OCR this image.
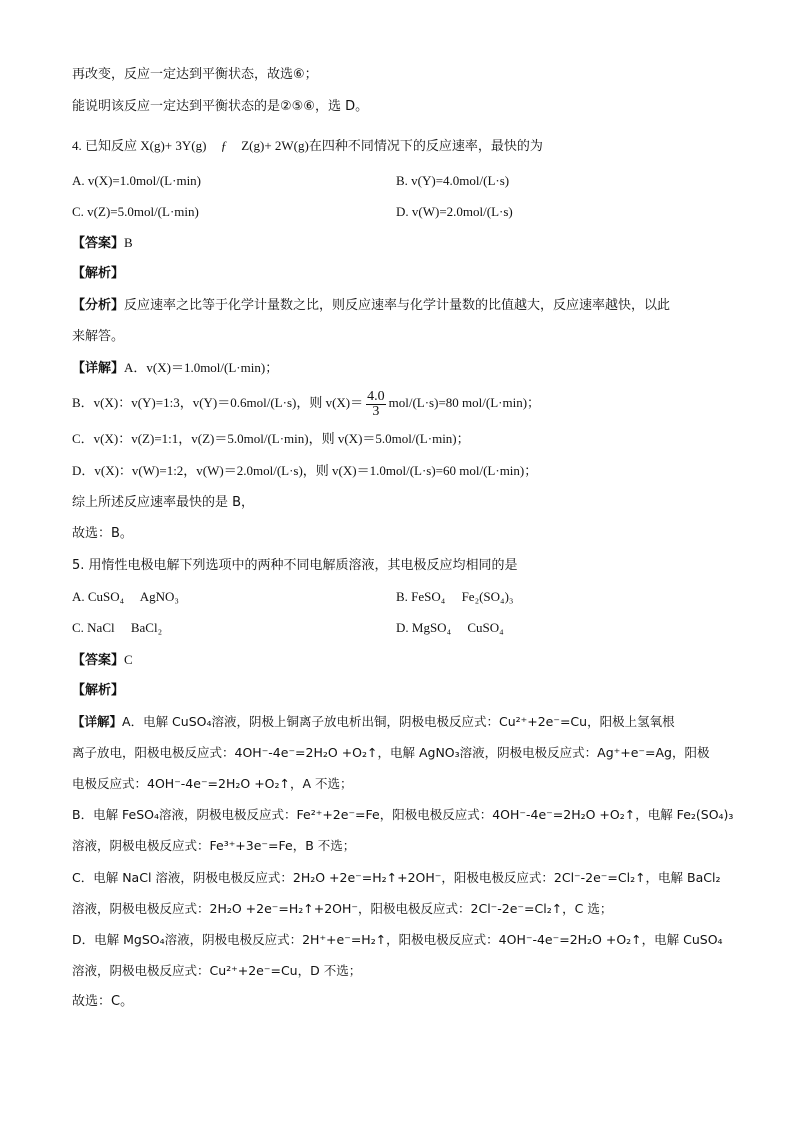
再改变，反应一定达到平衡状态，故选⑥；
能说明该反应一定达到平衡状态的是②⑤⑥，选 D。
4. 已知反应 X(g)+ 3Y(g) ƒ Z(g)+ 2W(g)在四种不同情况下的反应速率，最快的为
A. v(X)=1.0mol/(L·min)	B. v(Y)=4.0mol/(L·s)
C. v(Z)=5.0mol/(L·min)	D. v(W)=2.0mol/(L·s)
【答案】B
【解析】
【分析】反应速率之比等于化学计量数之比，则反应速率与化学计量数的比值越大，反应速率越快，以此
来解答。
【详解】A．v(X)＝1.0mol/(L·min)；
B．v(X)：v(Y)=1:3，v(Y)＝0.6mol/(L·s)，则 $v(X)= \frac{4.0}{3} mol/(L\cdot s)=80$ mol/(L·min)；
C．v(X)：v(Z)=1:1，v(Z)＝5.0mol/(L·min)，则 v(X)＝5.0mol/(L·min)；
D．v(X)：v(W)=1:2，v(W)＝2.0mol/(L·s)，则 v(X)＝1.0mol/(L·s)=60 mol/(L·min)；
综上所述反应速率最快的是 B，
故选：B。
5. 用惰性电极电解下列选项中的两种不同电解质溶液，其电极反应均相同的是
A. CuSO₄　 AgNO₃	B. FeSO₄　 Fe₂(SO₄)₃
C. NaCl　 BaCl₂	D. MgSO₄　 CuSO₄
【答案】C
【解析】
【详解】A．电解 CuSO₄溶液，阴极上铜离子放电析出铜，阴极电极反应式：Cu²⁺+2e⁻=Cu，阳极上氢氧根
离子放电，阳极电极反应式：4OH⁻-4e⁻=2H₂O +O₂↑，电解 AgNO₃溶液，阴极电极反应式：Ag⁺+e⁻=Ag，阳极
电极反应式：4OH⁻-4e⁻=2H₂O +O₂↑，A 不选；
B．电解 FeSO₄溶液，阴极电极反应式：Fe²⁺+2e⁻=Fe，阳极电极反应式：4OH⁻-4e⁻=2H₂O +O₂↑，电解 Fe₂(SO₄)₃
溶液，阴极电极反应式：Fe³⁺+3e⁻=Fe，B 不选；
C．电解 NaCl 溶液，阴极电极反应式：2H₂O +2e⁻=H₂↑+2OH⁻，阳极电极反应式：2Cl⁻-2e⁻=Cl₂↑，电解 BaCl₂
溶液，阴极电极反应式：2H₂O +2e⁻=H₂↑+2OH⁻，阳极电极反应式：2Cl⁻-2e⁻=Cl₂↑，C 选；
D．电解 MgSO₄溶液，阴极电极反应式：2H⁺+e⁻=H₂↑，阳极电极反应式：4OH⁻-4e⁻=2H₂O +O₂↑，电解 CuSO₄
溶液，阴极电极反应式：Cu²⁺+2e⁻=Cu，D 不选；
故选：C。
